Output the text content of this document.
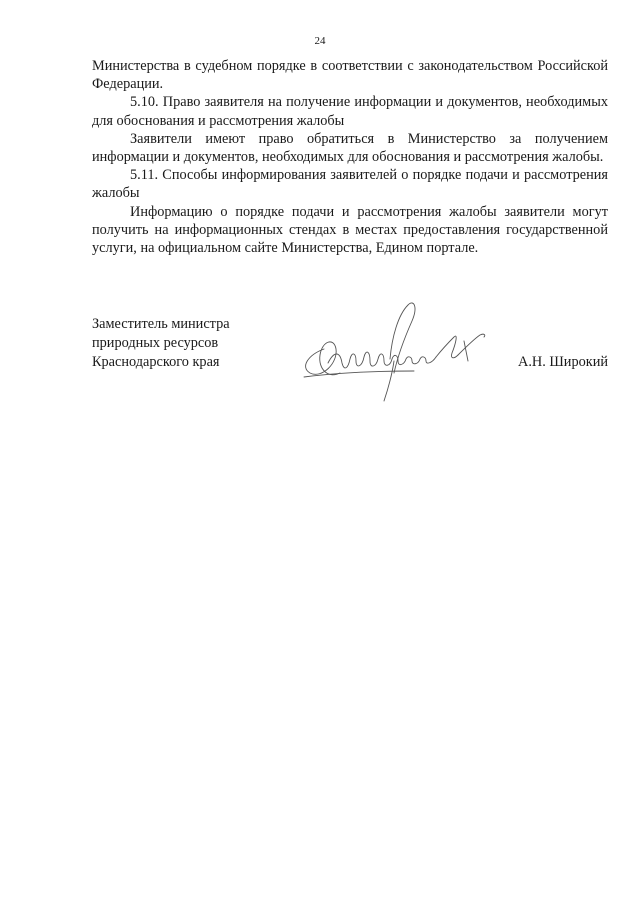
24

Министерства в судебном порядке в соответствии с законодательством Российской Федерации.

5.10. Право заявителя на получение информации и документов, необходимых для обоснования и рассмотрения жалобы

Заявители имеют право обратиться в Министерство за получением информации и документов, необходимых для обоснования и рассмотрения жалобы.

5.11. Способы информирования заявителей о порядке подачи и рассмотрения жалобы

Информацию о порядке подачи и рассмотрения жалобы заявители могут получить на информационных стендах в местах предоставления государственной услуги, на официальном сайте Министерства, Едином портале.

Заместитель министра
природных ресурсов
Краснодарского края	А.Н. Широкий
